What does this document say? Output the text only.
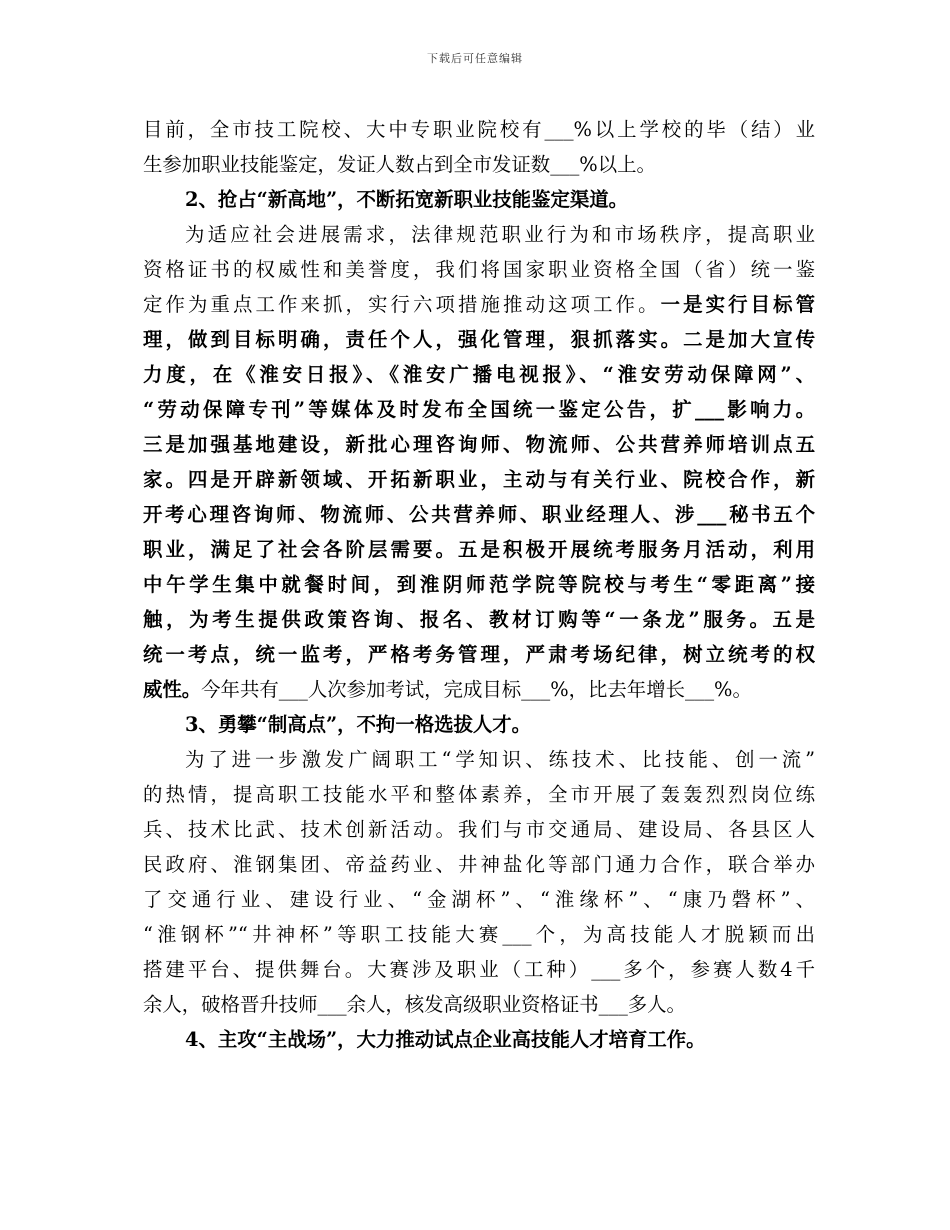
下载后可任意编辑
目前，全市技工院校、大中专职业院校有___%以上学校的毕（结）业
生参加职业技能鉴定，发证人数占到全市发证数___%以上。
2、抢占“新高地”，不断拓宽新职业技能鉴定渠道。
为适应社会进展需求，法律规范职业行为和市场秩序，提高职业
资格证书的权威性和美誉度，我们将国家职业资格全国（省）统一鉴
定作为重点工作来抓，实行六项措施推动这项工作。一是实行目标管
理，做到目标明确，责任个人，强化管理，狠抓落实。二是加大宣传
力度，在《淮安日报》、《淮安广播电视报》、“淮安劳动保障网”、
“劳动保障专刊”等媒体及时发布全国统一鉴定公告，扩___影响力。
三是加强基地建设，新批心理咨询师、物流师、公共营养师培训点五
家。四是开辟新领域、开拓新职业，主动与有关行业、院校合作，新
开考心理咨询师、物流师、公共营养师、职业经理人、涉___秘书五个
职业，满足了社会各阶层需要。五是积极开展统考服务月活动，利用
中午学生集中就餐时间，到淮阴师范学院等院校与考生“零距离”接
触，为考生提供政策咨询、报名、教材订购等“一条龙”服务。五是
统一考点，统一监考，严格考务管理，严肃考场纪律，树立统考的权
威性。今年共有___人次参加考试，完成目标___%，比去年增长___%。
3、勇攀“制高点”，不拘一格选拔人才。
为了进一步激发广阔职工“学知识、练技术、比技能、创一流”
的热情，提高职工技能水平和整体素养，全市开展了轰轰烈烈岗位练
兵、技术比武、技术创新活动。我们与市交通局、建设局、各县区人
民政府、淮钢集团、帝益药业、井神盐化等部门通力合作，联合举办
了交通行业、建设行业、“金湖杯”、“淮缘杯”、“康乃磬杯”、
“淮钢杯”“井神杯”等职工技能大赛___个，为高技能人才脱颖而出
搭建平台、提供舞台。大赛涉及职业（工种）___多个，参赛人数4千
余人，破格晋升技师___余人，核发高级职业资格证书___多人。
4、主攻“主战场”，大力推动试点企业高技能人才培育工作。
